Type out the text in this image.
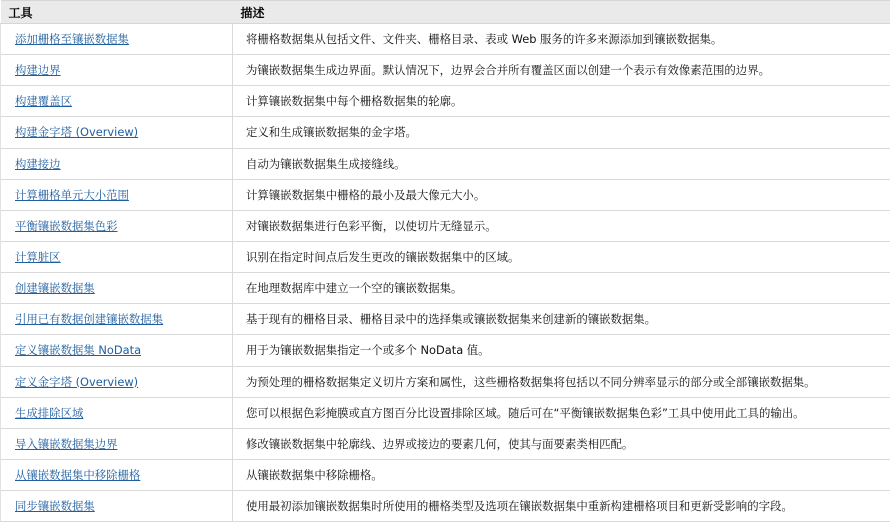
工具	描述
添加栅格至镶嵌数据集	将栅格数据集从包括文件、文件夹、栅格目录、表或 Web 服务的许多来源添加到镶嵌数据集。
构建边界	为镶嵌数据集生成边界面。默认情况下，边界会合并所有覆盖区面以创建一个表示有效像素范围的边界。
构建覆盖区	计算镶嵌数据集中每个栅格数据集的轮廓。
构建金字塔 (Overview)	定义和生成镶嵌数据集的金字塔。
构建接边	自动为镶嵌数据集生成接缝线。
计算栅格单元大小范围	计算镶嵌数据集中栅格的最小及最大像元大小。
平衡镶嵌数据集色彩	对镶嵌数据集进行色彩平衡，以使切片无缝显示。
计算脏区	识别在指定时间点后发生更改的镶嵌数据集中的区域。
创建镶嵌数据集	在地理数据库中建立一个空的镶嵌数据集。
引用已有数据创建镶嵌数据集	基于现有的栅格目录、栅格目录中的选择集或镶嵌数据集来创建新的镶嵌数据集。
定义镶嵌数据集 NoData	用于为镶嵌数据集指定一个或多个 NoData 值。
定义金字塔 (Overview)	为预处理的栅格数据集定义切片方案和属性，这些栅格数据集将包括以不同分辨率显示的部分或全部镶嵌数据集。
生成排除区域	您可以根据色彩掩膜或直方图百分比设置排除区域。随后可在“平衡镶嵌数据集色彩”工具中使用此工具的输出。
导入镶嵌数据集边界	修改镶嵌数据集中轮廓线、边界或接边的要素几何，使其与面要素类相匹配。
从镶嵌数据集中移除栅格	从镶嵌数据集中移除栅格。
同步镶嵌数据集	使用最初添加镶嵌数据集时所使用的栅格类型及选项在镶嵌数据集中重新构建栅格项目和更新受影响的字段。
